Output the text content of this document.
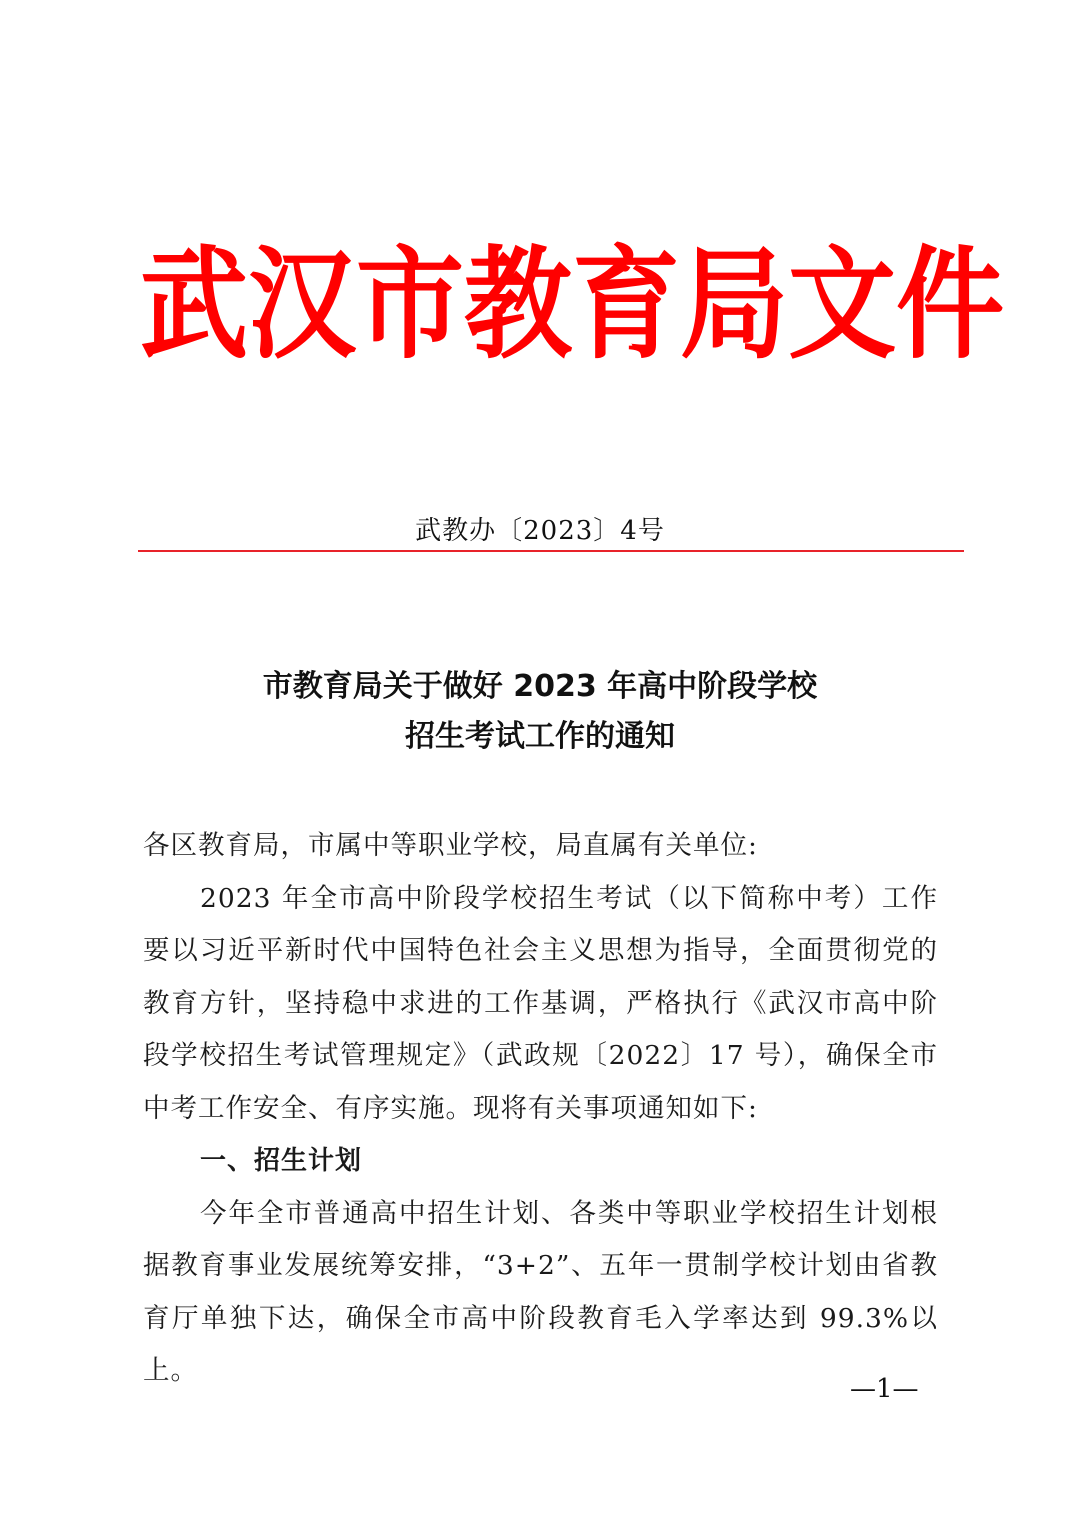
武 汉 市 教 育 局 文 件
武教办〔2023〕4号
市教育局关于做好 2023 年高中阶段学校
招生考试工作的通知

各区教育局，市属中等职业学校，局直属有关单位:

2023 年全市高中阶段学校招生考试（以下简称中考）工作要以习近平新时代中国特色社会主义思想为指导，全面贯彻党的教育方针，坚持稳中求进的工作基调，严格执行《武汉市高中阶段学校招生考试管理规定》（武政规〔2022〕17 号），确保全市中考工作安全、有序实施。现将有关事项通知如下:

一、招生计划

今年全市普通高中招生计划、各类中等职业学校招生计划根据教育事业发展统筹安排，“3+2”、五年一贯制学校计划由省教育厅单独下达，确保全市高中阶段教育毛入学率达到 99.3%以上。

—1—
